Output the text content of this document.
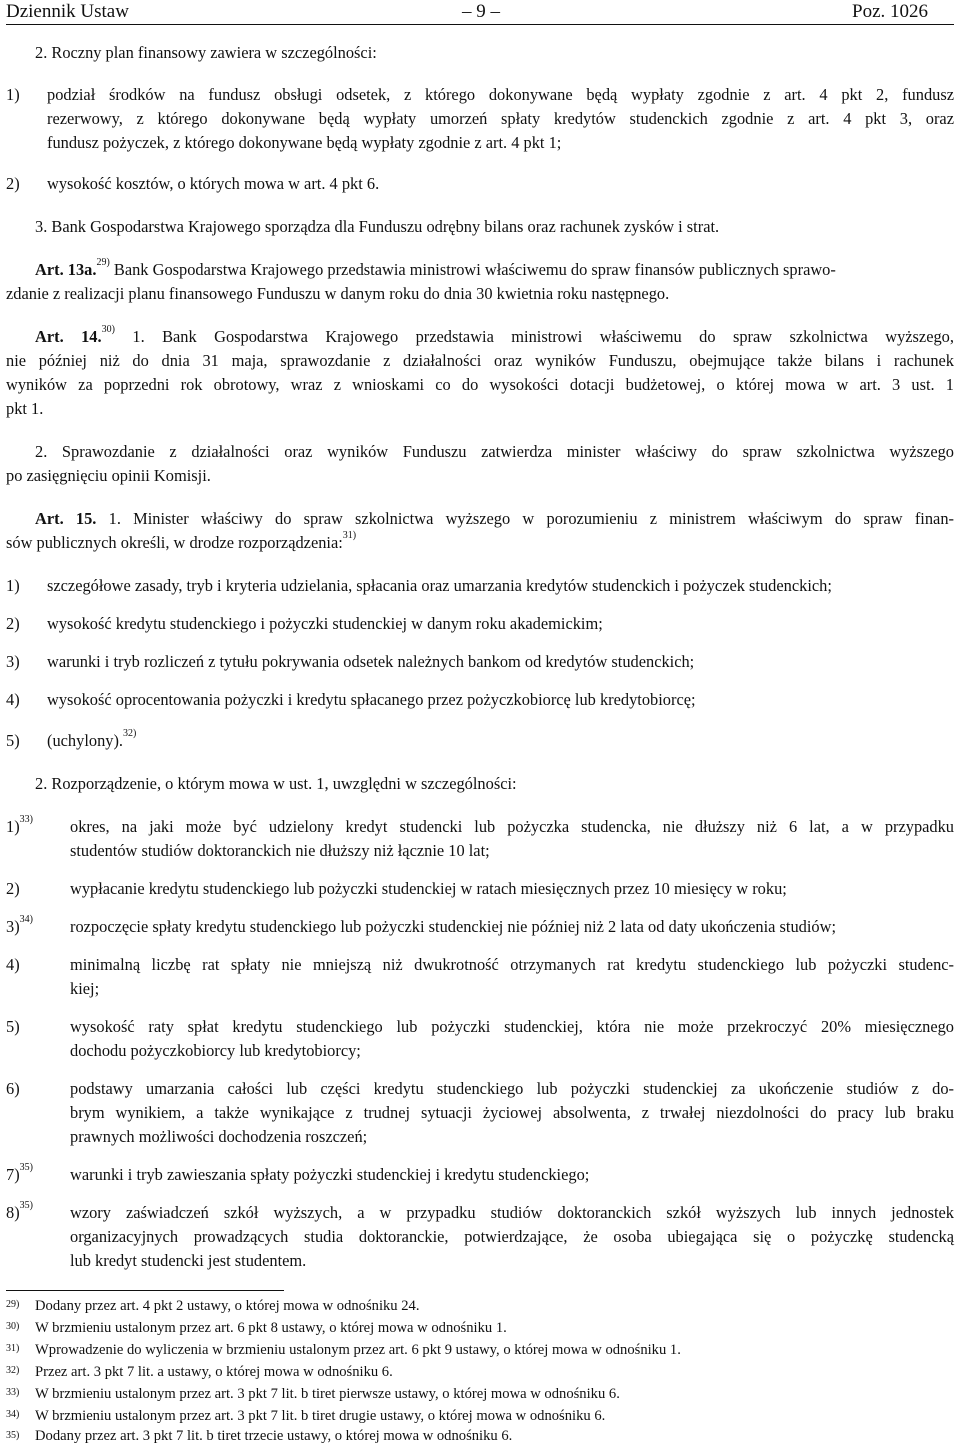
Dziennik Ustaw	– 9 –	Poz. 1026
2. Roczny plan finansowy zawiera w szczególności:
1) podział środków na fundusz obsługi odsetek, z którego dokonywane będą wypłaty zgodnie z art. 4 pkt 2, fundusz
rezerwowy, z którego dokonywane będą wypłaty umorzeń spłaty kredytów studenckich zgodnie z art. 4 pkt 3, oraz
fundusz pożyczek, z którego dokonywane będą wypłaty zgodnie z art. 4 pkt 1;
2) wysokość kosztów, o których mowa w art. 4 pkt 6.
3. Bank Gospodarstwa Krajowego sporządza dla Funduszu odrębny bilans oraz rachunek zysków i strat.
Art. 13a.$^{29)}$ Bank Gospodarstwa Krajowego przedstawia ministrowi właściwemu do spraw finansów publicznych sprawo-
zdanie z realizacji planu finansowego Funduszu w danym roku do dnia 30 kwietnia roku następnego.
Art. 14.$^{30)}$ 1. Bank Gospodarstwa Krajowego przedstawia ministrowi właściwemu do spraw szkolnictwa wyższego,
nie później niż do dnia 31 maja, sprawozdanie z działalności oraz wyników Funduszu, obejmujące także bilans i rachunek
wyników za poprzedni rok obrotowy, wraz z wnioskami co do wysokości dotacji budżetowej, o której mowa w art. 3 ust. 1
pkt 1.
2. Sprawozdanie z działalności oraz wyników Funduszu zatwierdza minister właściwy do spraw szkolnictwa wyższego
po zasięgnięciu opinii Komisji.
Art. 15. 1. Minister właściwy do spraw szkolnictwa wyższego w porozumieniu z ministrem właściwym do spraw finan-
sów publicznych określi, w drodze rozporządzenia:$^{31)}$
1) szczegółowe zasady, tryb i kryteria udzielania, spłacania oraz umarzania kredytów studenckich i pożyczek studenckich;
2) wysokość kredytu studenckiego i pożyczki studenckiej w danym roku akademickim;
3) warunki i tryb rozliczeń z tytułu pokrywania odsetek należnych bankom od kredytów studenckich;
4) wysokość oprocentowania pożyczki i kredytu spłacanego przez pożyczkobiorcę lub kredytobiorcę;
5) (uchylony).$^{32)}$
2. Rozporządzenie, o którym mowa w ust. 1, uwzględni w szczególności:
1)$^{33)}$ okres, na jaki może być udzielony kredyt studencki lub pożyczka studencka, nie dłuższy niż 6 lat, a w przypadku
studentów studiów doktoranckich nie dłuższy niż łącznie 10 lat;
2)	wypłacanie kredytu studenckiego lub pożyczki studenckiej w ratach miesięcznych przez 10 miesięcy w roku;
3)$^{34)}$ rozpoczęcie spłaty kredytu studenckiego lub pożyczki studenckiej nie później niż 2 lata od daty ukończenia studiów;
4)	minimalną liczbę rat spłaty nie mniejszą niż dwukrotność otrzymanych rat kredytu studenckiego lub pożyczki studenc-
kiej;
5)	wysokość raty spłat kredytu studenckiego lub pożyczki studenckiej, która nie może przekroczyć 20% miesięcznego
dochodu pożyczkobiorcy lub kredytobiorcy;
6)	podstawy umarzania całości lub części kredytu studenckiego lub pożyczki studenckiej za ukończenie studiów z do-
brym wynikiem, a także wynikające z trudnej sytuacji życiowej absolwenta, z trwałej niezdolności do pracy lub braku
prawnych możliwości dochodzenia roszczeń;
7)$^{35)}$ warunki i tryb zawieszania spłaty pożyczki studenckiej i kredytu studenckiego;
8)$^{35)}$ wzory zaświadczeń szkół wyższych, a w przypadku studiów doktoranckich szkół wyższych lub innych jednostek
organizacyjnych prowadzących studia doktoranckie, potwierdzające, że osoba ubiegająca się o pożyczkę studencką
lub kredyt studencki jest studentem.
29) Dodany przez art. 4 pkt 2 ustawy, o której mowa w odnośniku 24.
30) W brzmieniu ustalonym przez art. 6 pkt 8 ustawy, o której mowa w odnośniku 1.
31) Wprowadzenie do wyliczenia w brzmieniu ustalonym przez art. 6 pkt 9 ustawy, o której mowa w odnośniku 1.
32) Przez art. 3 pkt 7 lit. a ustawy, o której mowa w odnośniku 6.
33) W brzmieniu ustalonym przez art. 3 pkt 7 lit. b tiret pierwsze ustawy, o której mowa w odnośniku 6.
34) W brzmieniu ustalonym przez art. 3 pkt 7 lit. b tiret drugie ustawy, o której mowa w odnośniku 6.
35) Dodany przez art. 3 pkt 7 lit. b tiret trzecie ustawy, o której mowa w odnośniku 6.
